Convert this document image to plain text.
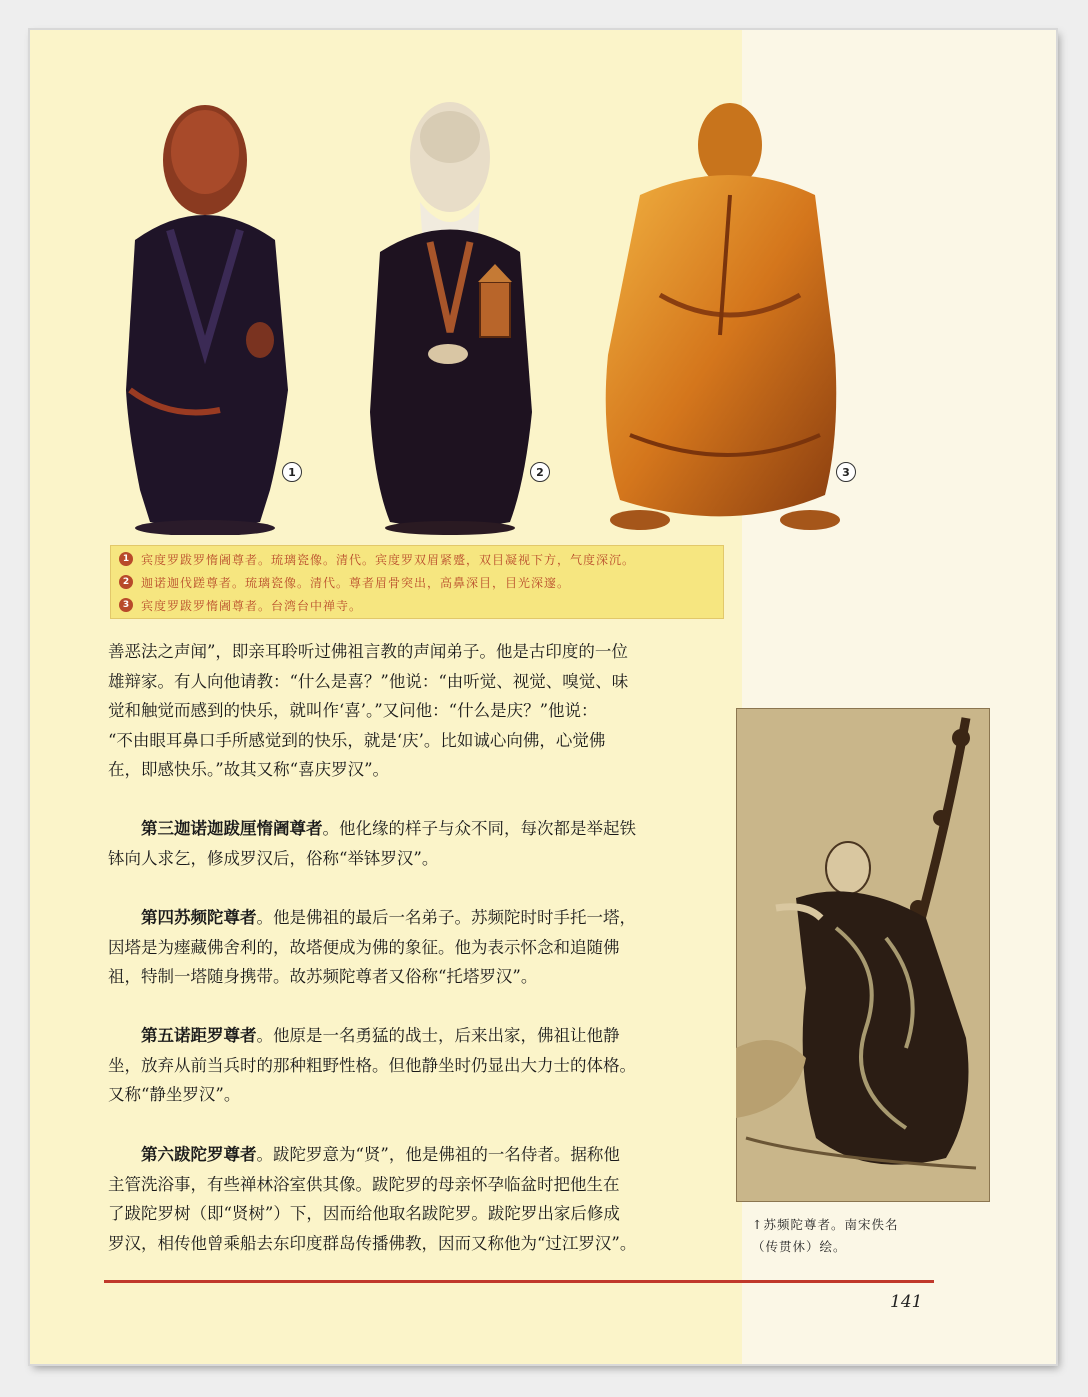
1	2	3
1 宾度罗跋罗惰阇尊者。琉璃瓷像。清代。宾度罗双眉紧蹙，双目凝视下方，气度深沉。
2 迦诺迦伐蹉尊者。琉璃瓷像。清代。尊者眉骨突出，高鼻深目，目光深邃。
3 宾度罗跋罗惰阇尊者。台湾台中禅寺。

善恶法之声闻”，即亲耳聆听过佛祖言教的声闻弟子。他是古印度的一位

雄辩家。有人向他请教：“什么是喜？”他说：“由听觉、视觉、嗅觉、味

觉和触觉而感到的快乐，就叫作‘喜’。”又问他：“什么是庆？”他说：

“不由眼耳鼻口手所感觉到的快乐，就是‘庆’。比如诚心向佛，心觉佛

在，即感快乐。”故其又称“喜庆罗汉”。

第三迦诺迦跋厘惰阇尊者。他化缘的样子与众不同，每次都是举起铁

钵向人求乞，修成罗汉后，俗称“举钵罗汉”。

第四苏频陀尊者。他是佛祖的最后一名弟子。苏频陀时时手托一塔，

因塔是为瘗藏佛舍利的，故塔便成为佛的象征。他为表示怀念和追随佛

祖，特制一塔随身携带。故苏频陀尊者又俗称“托塔罗汉”。

第五诺距罗尊者。他原是一名勇猛的战士，后来出家，佛祖让他静

坐，放弃从前当兵时的那种粗野性格。但他静坐时仍显出大力士的体格。

又称“静坐罗汉”。

第六跋陀罗尊者。跋陀罗意为“贤”，他是佛祖的一名侍者。据称他

主管洗浴事，有些禅林浴室供其像。跋陀罗的母亲怀孕临盆时把他生在

了跋陀罗树（即“贤树”）下，因而给他取名跋陀罗。跋陀罗出家后修成

罗汉，相传他曾乘船去东印度群岛传播佛教，因而又称他为“过江罗汉”。

↑苏频陀尊者。南宋佚名
（传贯休）绘。
141
